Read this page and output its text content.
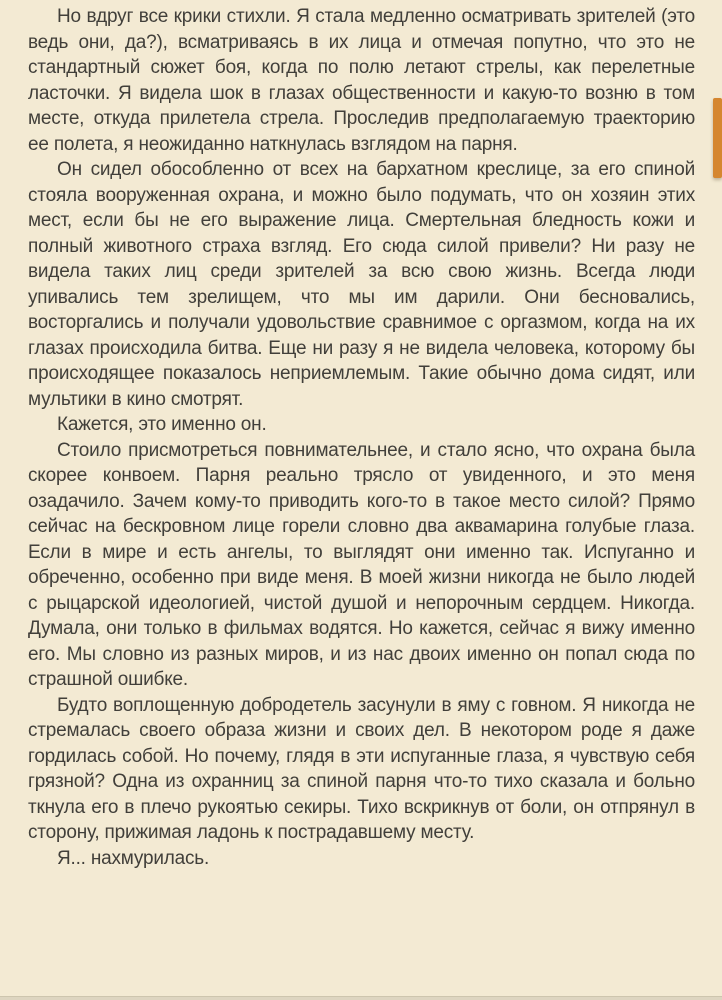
Но вдруг все крики стихли. Я стала медленно осматривать зрителей (это ведь они, да?), всматриваясь в их лица и отмечая попутно, что это не стандартный сюжет боя, когда по полю летают стрелы, как перелетные ласточки. Я видела шок в глазах общественности и какую-то возню в том месте, откуда прилетела стрела. Проследив предполагаемую траекторию ее полета, я неожиданно наткнулась взглядом на парня.

Он сидел обособленно от всех на бархатном креслице, за его спиной стояла вооруженная охрана, и можно было подумать, что он хозяин этих мест, если бы не его выражение лица. Смертельная бледность кожи и полный животного страха взгляд. Его сюда силой привели? Ни разу не видела таких лиц среди зрителей за всю свою жизнь. Всегда люди упивались тем зрелищем, что мы им дарили. Они бесновались, восторгались и получали удовольствие сравнимое с оргазмом, когда на их глазах происходила битва. Еще ни разу я не видела человека, которому бы происходящее показалось неприемлемым. Такие обычно дома сидят, или мультики в кино смотрят.

Кажется, это именно он.

Стоило присмотреться повнимательнее, и стало ясно, что охрана была скорее конвоем. Парня реально трясло от увиденного, и это меня озадачило. Зачем кому-то приводить кого-то в такое место силой? Прямо сейчас на бескровном лице горели словно два аквамарина голубые глаза. Если в мире и есть ангелы, то выглядят они именно так. Испуганно и обреченно, особенно при виде меня. В моей жизни никогда не было людей с рыцарской идеологией, чистой душой и непорочным сердцем. Никогда. Думала, они только в фильмах водятся. Но кажется, сейчас я вижу именно его. Мы словно из разных миров, и из нас двоих именно он попал сюда по страшной ошибке.

Будто воплощенную добродетель засунули в яму с говном. Я никогда не стремалась своего образа жизни и своих дел. В некотором роде я даже гордилась собой. Но почему, глядя в эти испуганные глаза, я чувствую себя грязной? Одна из охранниц за спиной парня что-то тихо сказала и больно ткнула его в плечо рукоятью секиры. Тихо вскрикнув от боли, он отпрянул в сторону, прижимая ладонь к пострадавшему месту.

Я... нахмурилась.
